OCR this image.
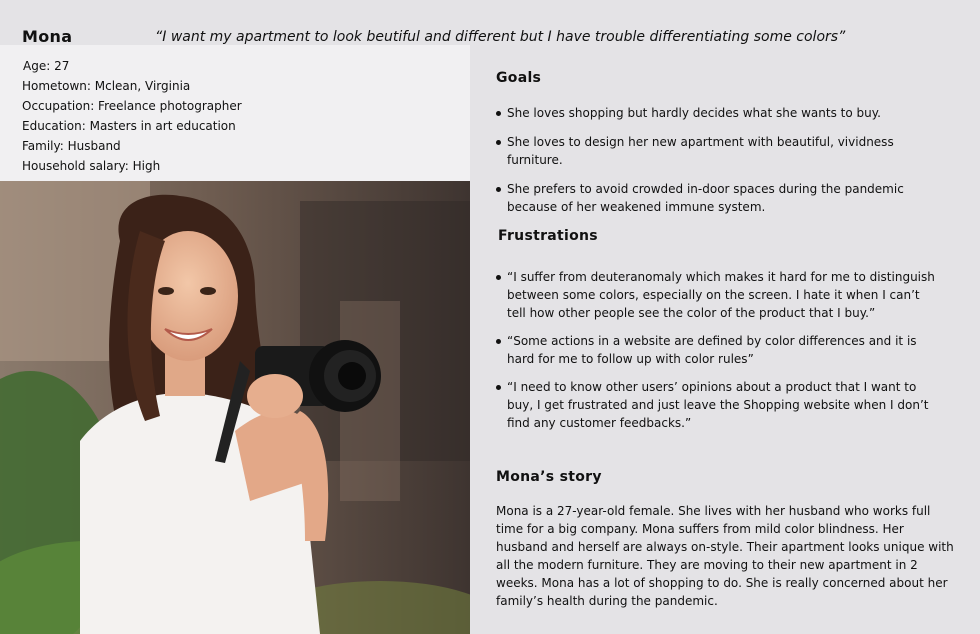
Mona	“I want my apartment to look beutiful and different but I have trouble differentiating some colors”
Age: 27
Hometown: Mclean, Virginia
Occupation: Freelance photographer
Education: Masters in art education
Family: Husband
Household salary: High
Goals
She loves shopping but hardly decides what she wants to buy.
She loves to design her new apartment with beautiful, vividness furniture.
She prefers to avoid crowded in-door spaces during the pandemic because of her weakened immune system.
Frustrations
“I suffer from deuteranomaly which makes it hard for me to distinguish between some colors, especially on the screen. I hate it when I can’t tell how other people see the color of the product that I buy.”
“Some actions in a website are defined by color differences and it is hard for me to follow up with color rules”
“I need to know other users’ opinions about a product that I want to buy, I get frustrated and just leave the Shopping website when I don’t find any customer feedbacks.”
Mona’s story
Mona is a 27-year-old female. She lives with her husband who works full time for a big company. Mona suffers from mild color blindness. Her husband and herself are always on-style. Their apartment looks unique with all the modern furniture. They are moving to their new apartment in 2 weeks. Mona has a lot of shopping to do. She is really concerned about her family’s health during the pandemic.
